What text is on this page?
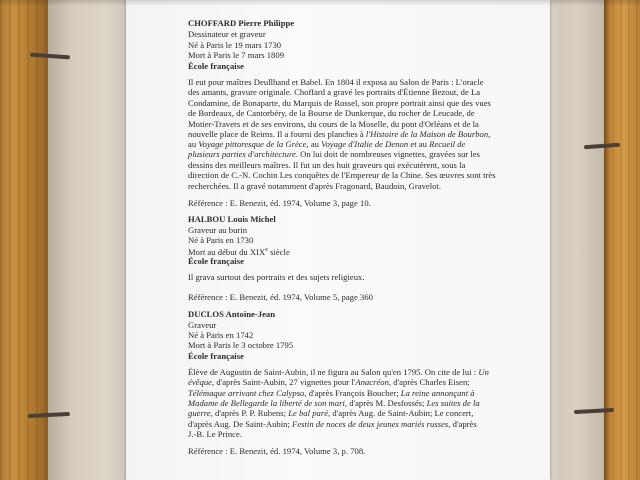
CHOFFARD Pierre Philippe
Dessinateur et graveur
Né à Paris le 19 mars 1730
Mort à Paris le 7 mars 1809
École française
Il eut pour maîtres Deullhand et Babel. En 1804 il exposa au Salon de Paris : L'oracle
des amants, gravure originale. Choffard a gravé les portraits d'Étienne Bezout, de La
Condamine, de Bonaparte, du Marquis de Rossel, son propre portrait ainsi que des vues
de Bordeaux, de Cantorbéry, de la Bourse de Dunkerque, du rocher de Leucade, de
Motier-Travers et de ses environs, du cours de la Moselle, du pont d'Orléans et de la
nouvelle place de Reims. Il a fourni des planches à l'Histoire de la Maison de Bourbon,
au Voyage pittoresque de la Grèce, au Voyage d'Italie de Denon et au Recueil de
plusieurs parties d'architecture. On lui doit de nombreuses vignettes, gravées sur les
dessins des meilleurs maîtres. Il fut un des huit graveurs qui exécutèrent, sous la
direction de C.-N. Cochin Les conquêtes de l'Empereur de la Chine. Ses œuvres sont très
recherchées. Il a gravé notamment d'après Fragonard, Baudoin, Gravelot.
Référence : E. Benezit, éd. 1974, Volume 3, page 10.
HALBOU Louis Michel
Graveur au burin
Né à Paris en 1730
Mort au début du XIXe siècle
École française
Il grava surtout des portraits et des sujets religieux.
Référence : E. Benezit, éd. 1974, Volume 5, page 360
DUCLOS Antoine-Jean
Graveur
Né à Paris en 1742
Mort à Paris le 3 octobre 1795
École française
Élève de Augustin de Saint-Aubin, il ne figura au Salon qu'en 1795. On cite de lui : Un
évêque, d'après Saint-Aubin, 27 vignettes pour l'Anacréon, d'après Charles Eisen;
Télémaque arrivant chez Calypso, d'après François Boucher; La reine annonçant à
Madame de Bellegarde la liberté de son mari, d'après M. Desfossés; Les suites de la
guerre, d'après P. P. Rubens; Le bal paré, d'après Aug. de Saint-Aubin; Le concert,
d'après Aug. De Saint-Aubin; Festin de noces de deux jeunes mariés russes, d'après
J.-B. Le Prince.
Référence : E. Benezit, éd. 1974, Volume 3, p. 708.
